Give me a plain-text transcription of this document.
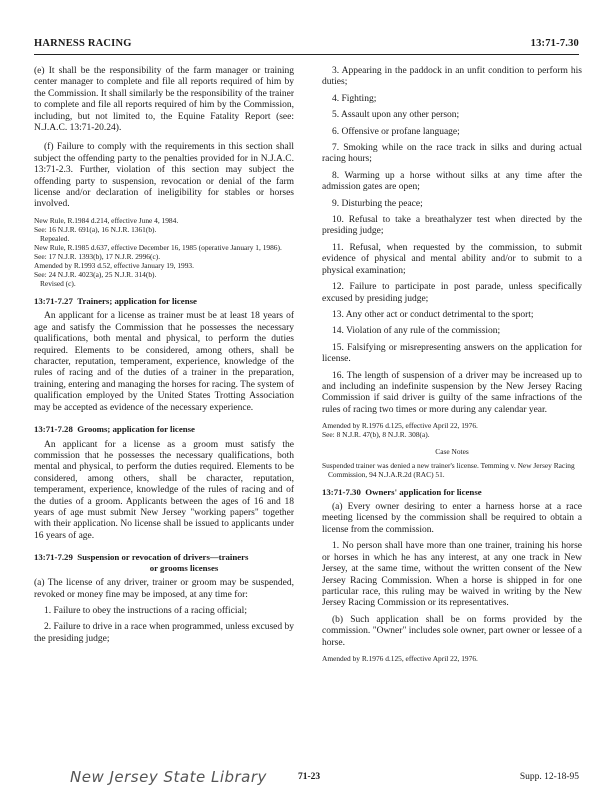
HARNESS RACING	13:71-7.30

(e) It shall be the responsibility of the farm manager or training center manager to complete and file all reports required of him by the Commission. It shall similarly be the responsibility of the trainer to complete and file all reports required of him by the Commission, including, but not limited to, the Equine Fatality Report (see: N.J.A.C. 13:71-20.24).

(f) Failure to comply with the requirements in this section shall subject the offending party to the penalties provided for in N.J.A.C. 13:71-2.3. Further, violation of this section may subject the offending party to suspension, revocation or denial of the farm license and/or declaration of ineligibility for stables or horses involved.

New Rule, R.1984 d.214, effective June 4, 1984.
See: 16 N.J.R. 691(a), 16 N.J.R. 1361(b).
Repealed.
New Rule, R.1985 d.637, effective December 16, 1985 (operative January 1, 1986).
See: 17 N.J.R. 1393(b), 17 N.J.R. 2996(c).
Amended by R.1993 d.52, effective January 19, 1993.
See: 24 N.J.R. 4023(a), 25 N.J.R. 314(b).
Revised (c).
13:71-7.27 Trainers; application for license

An applicant for a license as trainer must be at least 18 years of age and satisfy the Commission that he possesses the necessary qualifications, both mental and physical, to perform the duties required. Elements to be considered, among others, shall be character, reputation, temperament, experience, knowledge of the rules of racing and of the duties of a trainer in the preparation, training, entering and managing the horses for racing. The system of qualification employed by the United States Trotting Association may be accepted as evidence of the necessary experience.

13:71-7.28 Grooms; application for license

An applicant for a license as a groom must satisfy the commission that he possesses the necessary qualifications, both mental and physical, to perform the duties required. Elements to be considered, among others, shall be character, reputation, temperament, experience, knowledge of the rules of racing and of the duties of a groom. Applicants between the ages of 16 and 18 years of age must submit New Jersey "working papers" together with their application. No license shall be issued to applicants under 16 years of age.

13:71-7.29 Suspension or revocation of drivers—trainers
or grooms licenses

(a) The license of any driver, trainer or groom may be suspended, revoked or money fine may be imposed, at any time for:

1. Failure to obey the instructions of a racing official;

2. Failure to drive in a race when programmed, unless excused by the presiding judge;

3. Appearing in the paddock in an unfit condition to perform his duties;

4. Fighting;

5. Assault upon any other person;

6. Offensive or profane language;

7. Smoking while on the race track in silks and during actual racing hours;

8. Warming up a horse without silks at any time after the admission gates are open;

9. Disturbing the peace;

10. Refusal to take a breathalyzer test when directed by the presiding judge;

11. Refusal, when requested by the commission, to submit evidence of physical and mental ability and/or to submit to a physical examination;

12. Failure to participate in post parade, unless specifically excused by presiding judge;

13. Any other act or conduct detrimental to the sport;

14. Violation of any rule of the commission;

15. Falsifying or misrepresenting answers on the application for license.

16. The length of suspension of a driver may be increased up to and including an indefinite suspension by the New Jersey Racing Commission if said driver is guilty of the same infractions of the rules of racing two times or more during any calendar year.

Amended by R.1976 d.125, effective April 22, 1976.
See: 8 N.J.R. 47(b), 8 N.J.R. 308(a).
Case Notes
Suspended trainer was denied a new trainer's license. Temming v. New Jersey Racing Commission, 94 N.J.A.R.2d (RAC) 51.
13:71-7.30 Owners' application for license

(a) Every owner desiring to enter a harness horse at a race meeting licensed by the commission shall be required to obtain a license from the commission.

1. No person shall have more than one trainer, training his horse or horses in which he has any interest, at any one track in New Jersey, at the same time, without the written consent of the New Jersey Racing Commission. When a horse is shipped in for one particular race, this ruling may be waived in writing by the New Jersey Racing Commission or its representatives.

(b) Such application shall be on forms provided by the commission. "Owner" includes sole owner, part owner or lessee of a horse.

Amended by R.1976 d.125, effective April 22, 1976.
New Jersey State Library	71-23	Supp. 12-18-95
